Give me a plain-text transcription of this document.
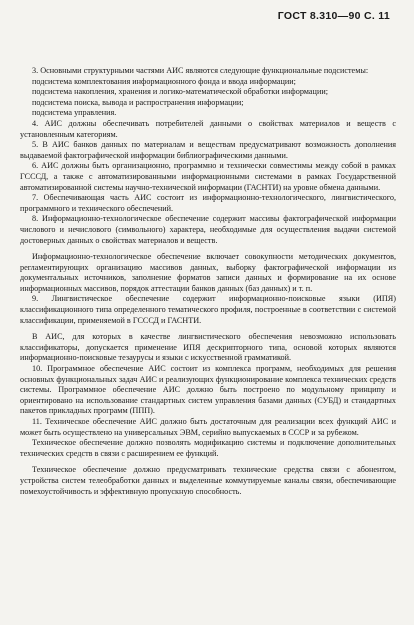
ГОСТ 8.310—90 С. 11

3. Основными структурными частями АИС являются следующие функциональные подсистемы:

подсистема комплектования информационного фонда и ввода информации;

подсистема накопления, хранения и логико-математической обработки информации;

подсистема поиска, вывода и распространения информации;

подсистема управления.

4. АИС должны обеспечивать потребителей данными о свойствах материалов и веществ с установленным категориям.

5. В АИС банков данных по материалам и веществам предусматривают возможность дополнения выдаваемой фактографической информации библиографическими данными.

6. АИС должны быть организационно, программно и технически совместимы между собой в рамках ГСССД, а также с автоматизированными информационными системами в рамках Государственной автоматизированной системы научно-технической информации (ГАСНТИ) на уровне обмена данными.

7. Обеспечивающая часть АИС состоит из информационно-технологического, лингвистического, программного и технического обеспечений.

8. Информационно-технологическое обеспечение содержит массивы фактографической информации числового и нечислового (символьного) характера, необходимые для осуществления выдачи системой достоверных данных о свойствах материалов и веществ.

Информационно-технологическое обеспечение включает совокупности методических документов, регламентирующих организацию массивов данных, выборку фактографической информации из документальных источников, заполнение форматов записи данных и формирование на их основе информационных массивов, порядок аттестации банков данных (баз данных) и т. п.

9. Лингвистическое обеспечение содержит информационно-поисковые языки (ИПЯ) классификационного типа определенного тематического профиля, построенные в соответствии с системой классификации, применяемой в ГСССД и ГАСНТИ.

В АИС, для которых в качестве лингвистического обеспечения невозможно использовать классификаторы, допускается применение ИПЯ дескрипторного типа, основой которых являются информационно-поисковые тезаурусы и языки с искусственной грамматикой.

10. Программное обеспечение АИС состоит из комплекса программ, необходимых для решения основных функциональных задач АИС и реализующих функционирование комплекса технических средств системы. Программное обеспечение АИС должно быть построено по модульному принципу и ориентировано на использование стандартных систем управления базами данных (СУБД) и стандартных пакетов прикладных программ (ППП).

11. Техническое обеспечение АИС должно быть достаточным для реализации всех функций АИС и может быть осуществлено на универсальных ЭВМ, серийно выпускаемых в СССР и за рубежом.

Техническое обеспечение должно позволять модификацию системы и подключение дополнительных технических средств в связи с расширением ее функций.

Техническое обеспечение должно предусматривать технические средства связи с абонентом, устройства систем телеобработки данных и выделенные коммутируемые каналы связи, обеспечивающие помехоустойчивость и эффективную пропускную способность.
